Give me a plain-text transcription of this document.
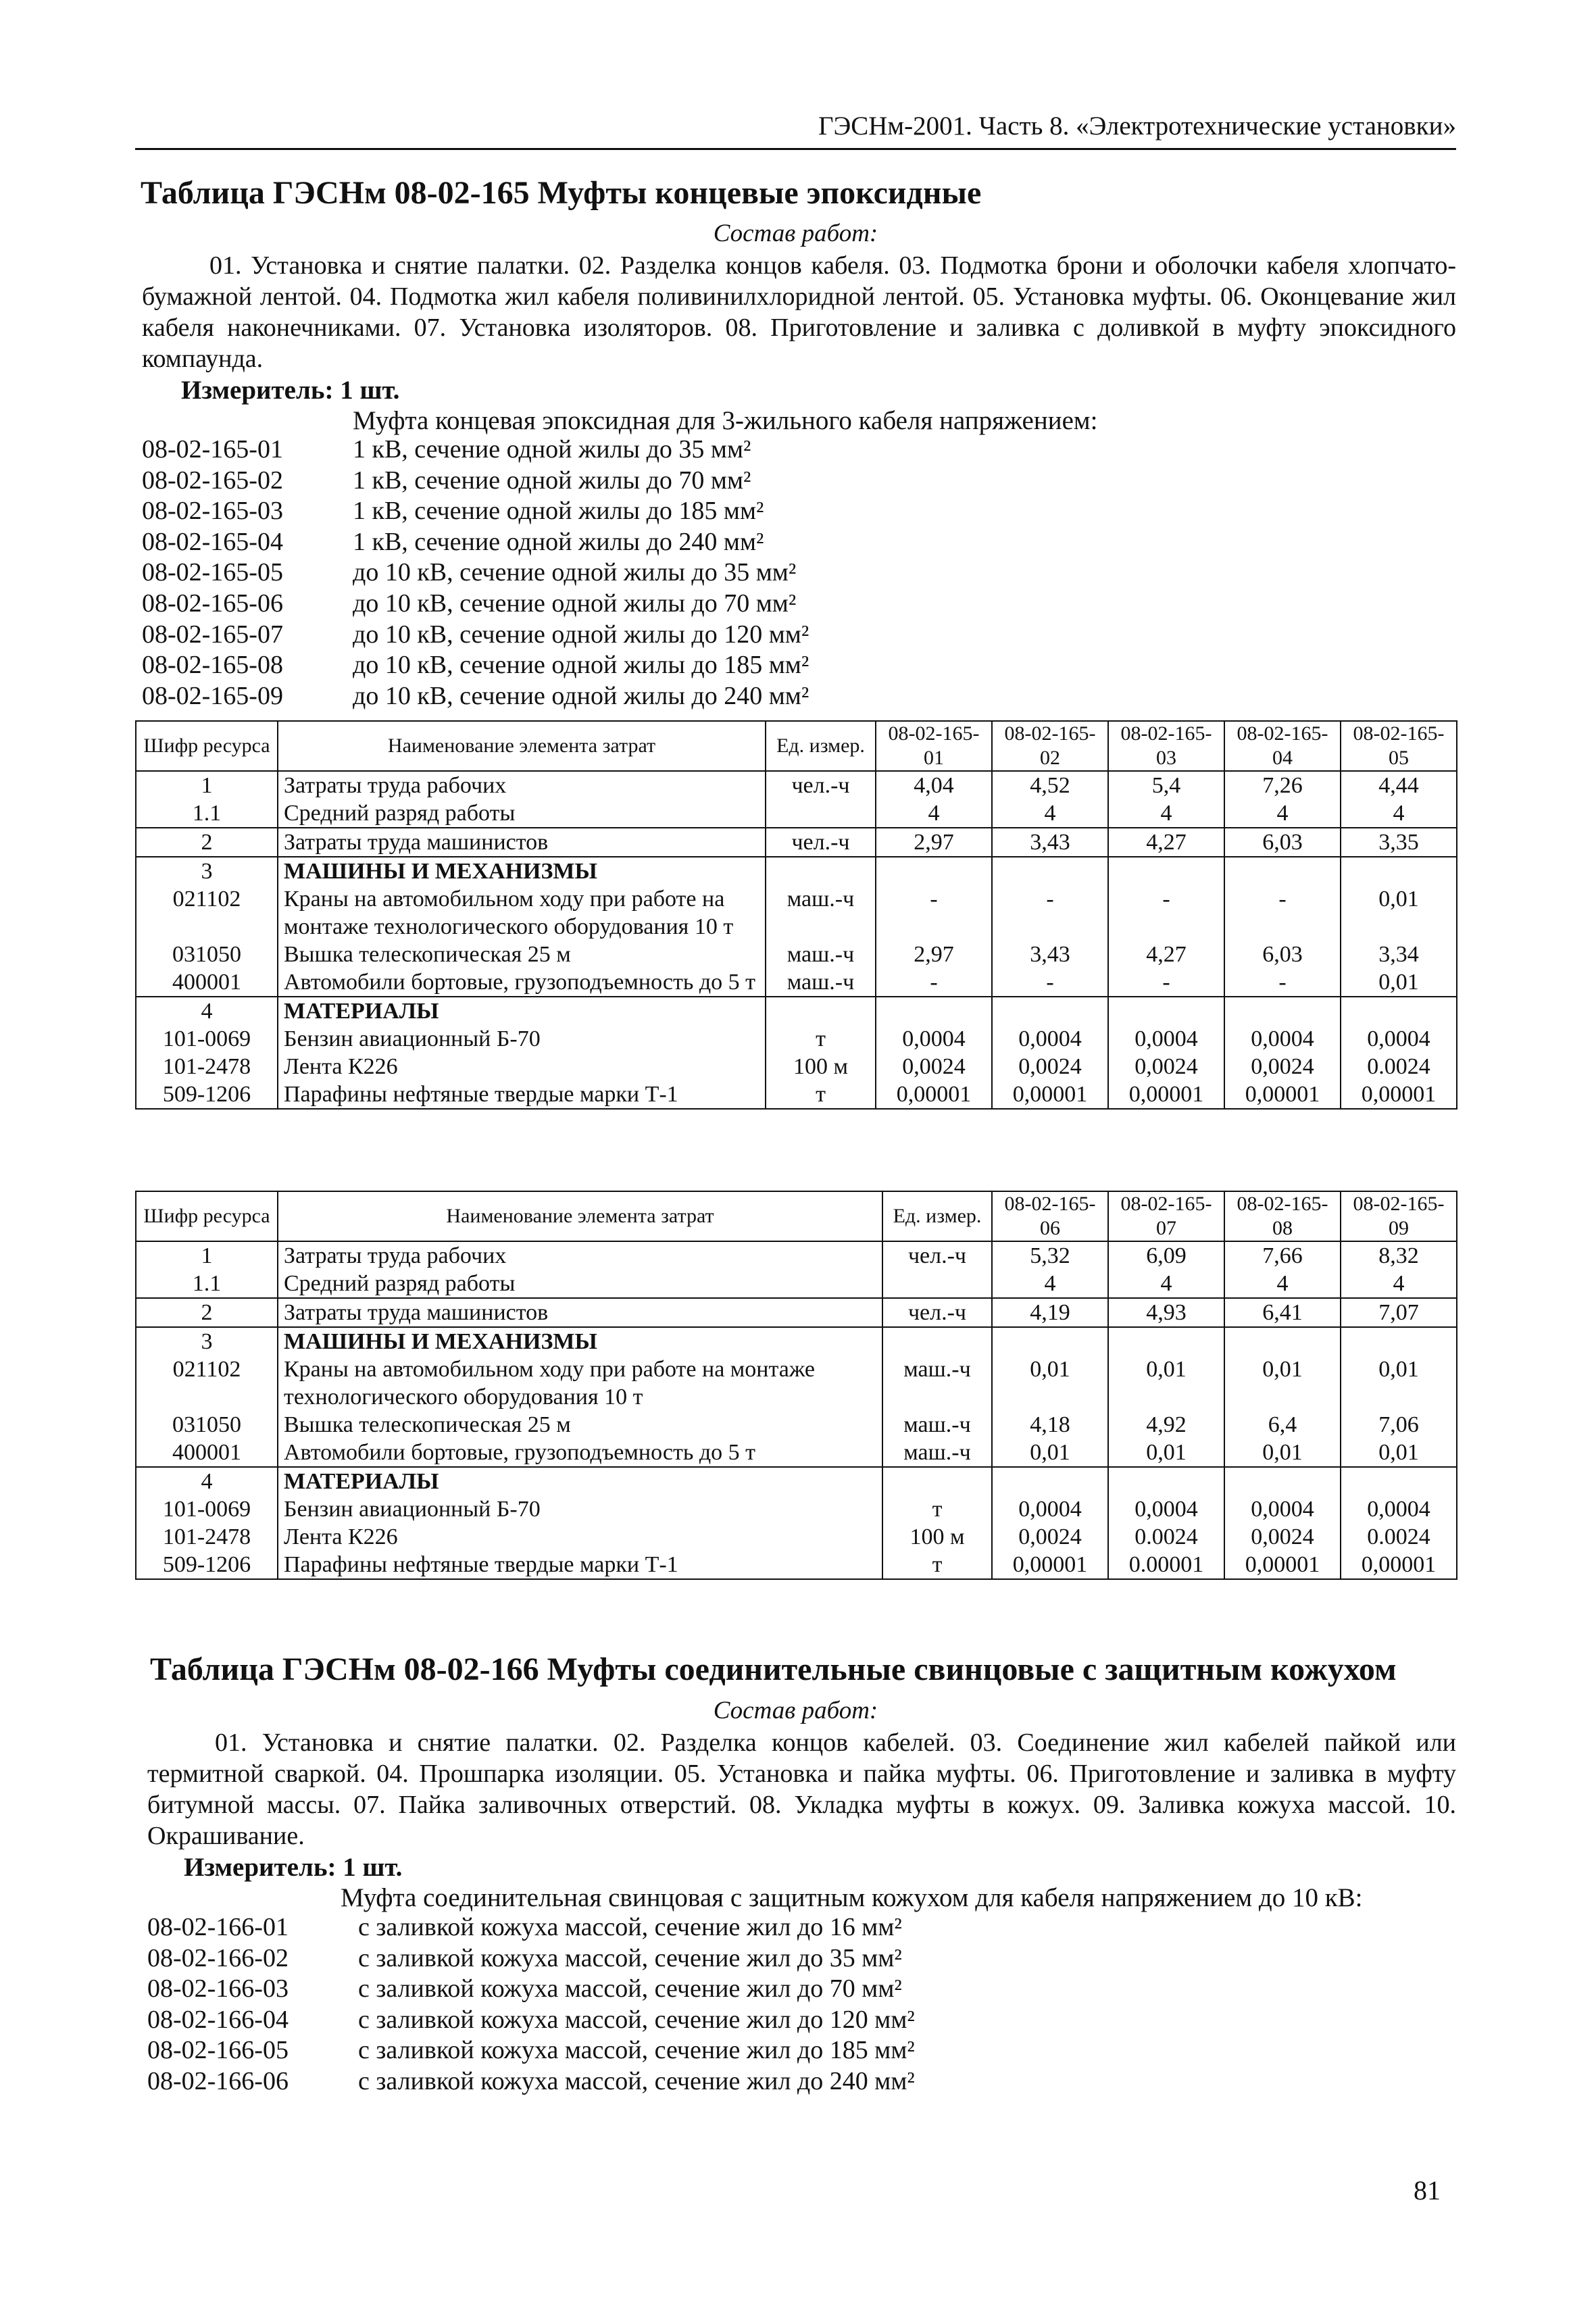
ГЭСНм-2001. Часть 8. «Электротехнические установки»
Таблица ГЭСНм 08-02-165 Муфты концевые эпоксидные
Состав работ:
01. Установка и снятие палатки. 02. Разделка концов кабеля. 03. Подмотка брони и оболочки кабеля хлопчато-бумажной лентой. 04. Подмотка жил кабеля поливинилхлоридной лентой. 05. Установка муфты. 06. Оконцевание жил кабеля наконечниками. 07. Установка изоляторов. 08. Приготовление и заливка с доливкой в муфту эпоксидного компаунда.
Измеритель: 1 шт.
Муфта концевая эпоксидная для 3-жильного кабеля напряжением:
08-02-165-01	1 кВ, сечение одной жилы до 35 мм²
08-02-165-02	1 кВ, сечение одной жилы до 70 мм²
08-02-165-03	1 кВ, сечение одной жилы до 185 мм²
08-02-165-04	1 кВ, сечение одной жилы до 240 мм²
08-02-165-05	до 10 кВ, сечение одной жилы до 35 мм²
08-02-165-06	до 10 кВ, сечение одной жилы до 70 мм²
08-02-165-07	до 10 кВ, сечение одной жилы до 120 мм²
08-02-165-08	до 10 кВ, сечение одной жилы до 185 мм²
08-02-165-09	до 10 кВ, сечение одной жилы до 240 мм²
Шифр ресурса	Наименование элемента затрат	Ед. измер.	08-02-165-01	08-02-165-02	08-02-165-03	08-02-165-04	08-02-165-05
1	Затраты труда рабочих	чел.-ч	4,04	4,52	5,4	7,26	4,44
1.1	Средний разряд работы		4	4	4	4	4
2	Затраты труда машинистов	чел.-ч	2,97	3,43	4,27	6,03	3,35
3	МАШИНЫ И МЕХАНИЗМЫ						
021102	Краны на автомобильном ходу при работе на монтаже технологического оборудования 10 т	маш.-ч	-	-	-	-	0,01
031050	Вышка телескопическая 25 м	маш.-ч	2,97	3,43	4,27	6,03	3,34
400001	Автомобили бортовые, грузоподъемность до 5 т	маш.-ч	-	-	-	-	0,01
4	МАТЕРИАЛЫ						
101-0069	Бензин авиационный Б-70	т	0,0004	0,0004	0,0004	0,0004	0,0004
101-2478	Лента К226	100 м	0,0024	0,0024	0,0024	0,0024	0.0024
509-1206	Парафины нефтяные твердые марки Т-1	т	0,00001	0,00001	0,00001	0,00001	0,00001
Шифр ресурса	Наименование элемента затрат	Ед. измер.	08-02-165-06	08-02-165-07	08-02-165-08	08-02-165-09
1	Затраты труда рабочих	чел.-ч	5,32	6,09	7,66	8,32
1.1	Средний разряд работы		4	4	4	4
2	Затраты труда машинистов	чел.-ч	4,19	4,93	6,41	7,07
3	МАШИНЫ И МЕХАНИЗМЫ					
021102	Краны на автомобильном ходу при работе на монтаже технологического оборудования 10 т	маш.-ч	0,01	0,01	0,01	0,01
031050	Вышка телескопическая 25 м	маш.-ч	4,18	4,92	6,4	7,06
400001	Автомобили бортовые, грузоподъемность до 5 т	маш.-ч	0,01	0,01	0,01	0,01
4	МАТЕРИАЛЫ					
101-0069	Бензин авиационный Б-70	т	0,0004	0,0004	0,0004	0,0004
101-2478	Лента К226	100 м	0,0024	0.0024	0,0024	0.0024
509-1206	Парафины нефтяные твердые марки Т-1	т	0,00001	0.00001	0,00001	0,00001
Таблица ГЭСНм 08-02-166 Муфты соединительные свинцовые с защитным кожухом
Состав работ:
01. Установка и снятие палатки. 02. Разделка концов кабелей. 03. Соединение жил кабелей пайкой или термитной сваркой. 04. Прошпарка изоляции. 05. Установка и пайка муфты. 06. Приготовление и заливка в муфту битумной массы. 07. Пайка заливочных отверстий. 08. Укладка муфты в кожух. 09. Заливка кожуха массой. 10. Окрашивание.
Измеритель: 1 шт.
Муфта соединительная свинцовая с защитным кожухом для кабеля напряжением до 10 кВ:
08-02-166-01	с заливкой кожуха массой, сечение жил до 16 мм²
08-02-166-02	с заливкой кожуха массой, сечение жил до 35 мм²
08-02-166-03	с заливкой кожуха массой, сечение жил до 70 мм²
08-02-166-04	с заливкой кожуха массой, сечение жил до 120 мм²
08-02-166-05	с заливкой кожуха массой, сечение жил до 185 мм²
08-02-166-06	с заливкой кожуха массой, сечение жил до 240 мм²
81
